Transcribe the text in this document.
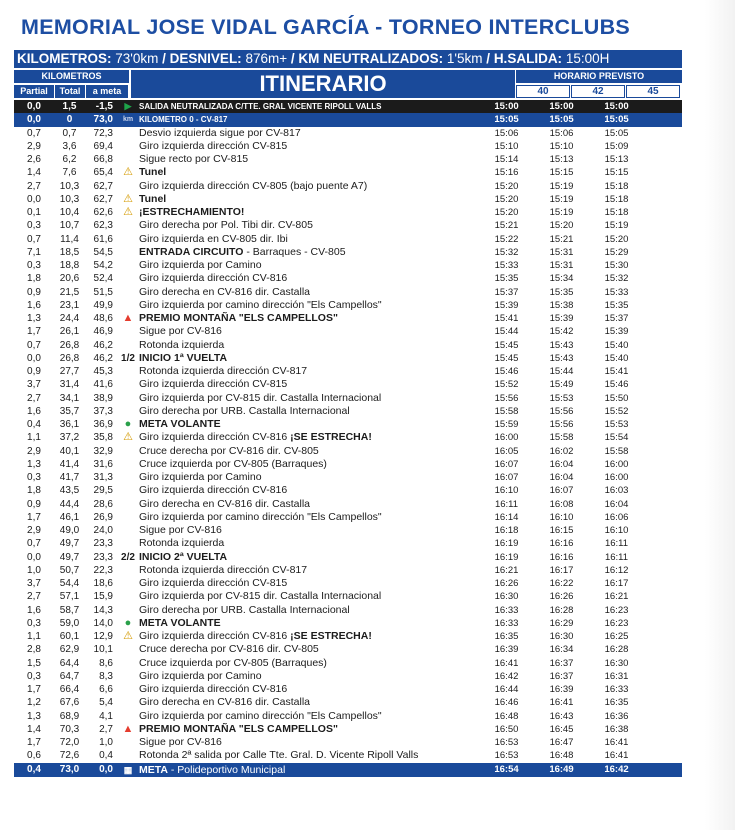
MEMORIAL JOSE VIDAL GARCÍA - TORNEO INTERCLUBS
KILOMETROS: 73'0km / DESNIVEL: 876m+ / KM NEUTRALIZADOS: 1'5km / H.SALIDA: 15:00H
KILOMETROS
Partial	Total	a meta	ITINERARIO	HORARIO PREVISTO
40	42	45
0,0	1,5	-1,5	▶ SALIDA NEUTRALIZADA C/TTE. GRAL VICENTE RIPOLL VALLS	15:00	15:00	15:00
0,0	0	73,0	km KILOMETRO 0 - CV-817	15:05	15:05	15:05
0,7	0,7	72,3	Desvio izquierda sigue por CV-817	15:06	15:06	15:05
2,9	3,6	69,4	Giro izquierda dirección CV-815	15:10	15:10	15:09
2,6	6,2	66,8	Sigue recto por CV-815	15:14	15:13	15:13
1,4	7,6	65,4 ⚠ Tunel	15:16	15:15	15:15
2,7	10,3	62,7	Giro izquierda dirección CV-805 (bajo puente A7)	15:20	15:19	15:18
0,0	10,3	62,7 ⚠ Tunel	15:20	15:19	15:18
0,1	10,4	62,6 ⚠ ¡ESTRECHAMIENTO!	15:20	15:19	15:18
0,3	10,7	62,3	Giro derecha por Pol. Tibi dir. CV-805	15:21	15:20	15:19
0,7	11,4	61,6	Giro izquierda en CV-805 dir. Ibi	15:22	15:21	15:20
7,1	18,5	54,5	ENTRADA CIRCUITO - Barraques - CV-805	15:32	15:31	15:29
0,3	18,8	54,2	Giro izquierda por Camino	15:33	15:31	15:30
1,8	20,6	52,4	Giro izquierda dirección CV-816	15:35	15:34	15:32
0,9	21,5	51,5	Giro derecha en CV-816 dir. Castalla	15:37	15:35	15:33
1,6	23,1	49,9	Giro izquierda por camino dirección "Els Campellos"	15:39	15:38	15:35
1,3	24,4	48,6 ▲ PREMIO MONTAÑA "ELS CAMPELLOS"	15:41	15:39	15:37
1,7	26,1	46,9	Sigue por CV-816	15:44	15:42	15:39
0,7	26,8	46,2	Rotonda izquierda	15:45	15:43	15:40
0,0	26,8	46,2 1/2 INICIO 1ª VUELTA	15:45	15:43	15:40
0,9	27,7	45,3	Rotonda izquierda dirección CV-817	15:46	15:44	15:41
3,7	31,4	41,6	Giro izquierda dirección CV-815	15:52	15:49	15:46
2,7	34,1	38,9	Giro izquierda por CV-815 dir. Castalla Internacional	15:56	15:53	15:50
1,6	35,7	37,3	Giro derecha por URB. Castalla Internacional	15:58	15:56	15:52
0,4	36,1	36,9	● META VOLANTE	15:59	15:56	15:53
1,1	37,2	35,8 ⚠ Giro izquierda dirección CV-816 ¡SE ESTRECHA!	16:00	15:58	15:54
2,9	40,1	32,9	Cruce derecha por CV-816 dir. CV-805	16:05	16:02	15:58
1,3	41,4	31,6	Cruce izquierda por CV-805 (Barraques)	16:07	16:04	16:00
0,3	41,7	31,3	Giro izquierda por Camino	16:07	16:04	16:00
1,8	43,5	29,5	Giro izquierda dirección CV-816	16:10	16:07	16:03
0,9	44,4	28,6	Giro derecha en CV-816 dir. Castalla	16:11	16:08	16:04
1,7	46,1	26,9	Giro izquierda por camino dirección "Els Campellos"	16:14	16:10	16:06
2,9	49,0	24,0	Sigue por CV-816	16:18	16:15	16:10
0,7	49,7	23,3	Rotonda izquierda	16:19	16:16	16:11
0,0	49,7	23,3 2/2 INICIO 2ª VUELTA	16:19	16:16	16:11
1,0	50,7	22,3	Rotonda izquierda dirección CV-817	16:21	16:17	16:12
3,7	54,4	18,6	Giro izquierda dirección CV-815	16:26	16:22	16:17
2,7	57,1	15,9	Giro izquierda por CV-815 dir. Castalla Internacional	16:30	16:26	16:21
1,6	58,7	14,3	Giro derecha por URB. Castalla Internacional	16:33	16:28	16:23
0,3	59,0	14,0	● META VOLANTE	16:33	16:29	16:23
1,1	60,1	12,9 ⚠ Giro izquierda dirección CV-816 ¡SE ESTRECHA!	16:35	16:30	16:25
2,8	62,9	10,1	Cruce derecha por CV-816 dir. CV-805	16:39	16:34	16:28
1,5	64,4	8,6	Cruce izquierda por CV-805 (Barraques)	16:41	16:37	16:30
0,3	64,7	8,3	Giro izquierda por Camino	16:42	16:37	16:31
1,7	66,4	6,6	Giro izquierda dirección CV-816	16:44	16:39	16:33
1,2	67,6	5,4	Giro derecha en CV-816 dir. Castalla	16:46	16:41	16:35
1,3	68,9	4,1	Giro izquierda por camino dirección "Els Campellos"	16:48	16:43	16:36
1,4	70,3	2,7 ▲ PREMIO MONTAÑA "ELS CAMPELLOS"	16:50	16:45	16:38
1,7	72,0	1,0	Sigue por CV-816	16:53	16:47	16:41
0,6	72,6	0,4	Rotonda 2ª salida por Calle Tte. Gral. D. Vicente Ripoll Valls	16:53	16:48	16:41
0,4	73,0	0,0	▦ META - Polideportivo Municipal	16:54	16:49	16:42
